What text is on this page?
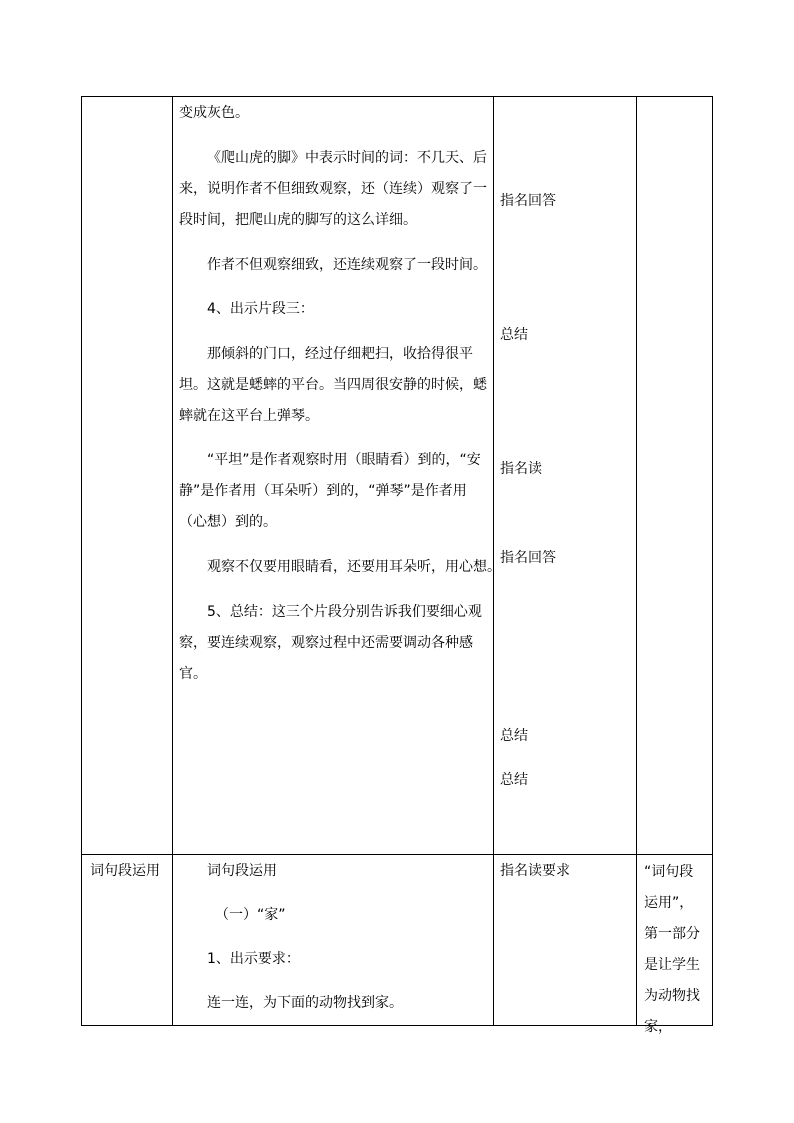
变成灰色。
《爬山虎的脚》中表示时间的词：不几天、后来，说明作者不但细致观察，还（连续）观察了一段时间，把爬山虎的脚写的这么详细。
作者不但观察细致，还连续观察了一段时间。
4、出示片段三：
那倾斜的门口，经过仔细耙扫，收拾得很平坦。这就是蟋蟀的平台。当四周很安静的时候，蟋蟀就在这平台上弹琴。
“平坦”是作者观察时用（眼睛看）到的，“安静”是作者用（耳朵听）到的，“弹琴”是作者用（心想）到的。
观察不仅要用眼睛看，还要用耳朵听，用心想。
5、总结：这三个片段分别告诉我们要细心观察，要连续观察，观察过程中还需要调动各种感官。
指名回答
总结
指名读
指名回答
总结
总结
词句段运用	词句段运用
（一）“家”
1、出示要求：
连一连，为下面的动物找到家。
指名读要求	“词句段运用”，第一部分是让学生为动物找家，
